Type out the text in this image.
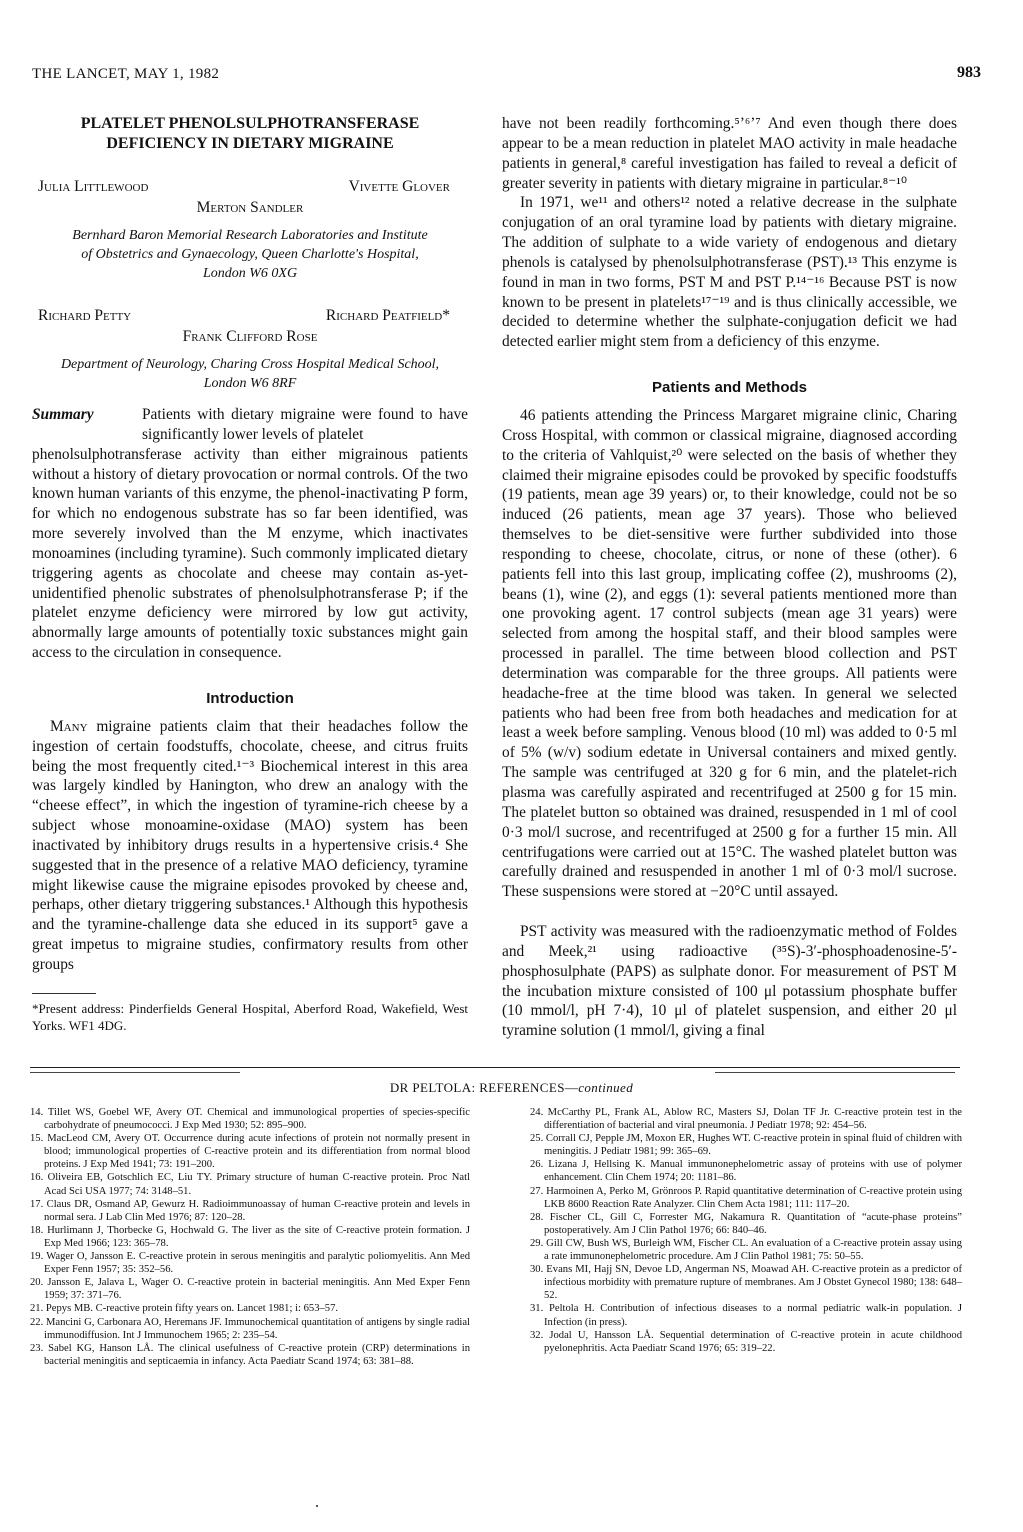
THE LANCET, MAY 1, 1982	983
PLATELET PHENOLSULPHOTRANSFERASE
DEFICIENCY IN DIETARY MIGRAINE
Julia Littlewood	Vivette Glover
Merton Sandler
Bernhard Baron Memorial Research Laboratories and Institute
of Obstetrics and Gynaecology, Queen Charlotte's Hospital,
London W6 0XG
Richard Petty	Richard Peatfield*
Frank Clifford Rose
Department of Neurology, Charing Cross Hospital Medical School,
London W6 8RF
Summary	Patients with dietary migraine were found to have significantly lower levels of platelet
phenolsulphotransferase activity than either migrainous patients without a history of dietary provocation or normal controls. Of the two known human variants of this enzyme, the phenol-inactivating P form, for which no endogenous substrate has so far been identified, was more severely involved than the M enzyme, which inactivates monoamines (including tyramine). Such commonly implicated dietary triggering agents as chocolate and cheese may contain as-yet-unidentified phenolic substrates of phenolsulphotransferase P; if the platelet enzyme deficiency were mirrored by low gut activity, abnormally large amounts of potentially toxic substances might gain access to the circulation in consequence.
Introduction
Many migraine patients claim that their headaches follow the ingestion of certain foodstuffs, chocolate, cheese, and citrus fruits being the most frequently cited.¹⁻³ Biochemical interest in this area was largely kindled by Hanington, who drew an analogy with the “cheese effect”, in which the ingestion of tyramine-rich cheese by a subject whose monoamine-oxidase (MAO) system has been inactivated by inhibitory drugs results in a hypertensive crisis.⁴ She suggested that in the presence of a relative MAO deficiency, tyramine might likewise cause the migraine episodes provoked by cheese and, perhaps, other dietary triggering substances.¹ Although this hypothesis and the tyramine-challenge data she educed in its support⁵ gave a great impetus to migraine studies, confirmatory results from other groups
*Present address: Pinderfields General Hospital, Aberford Road, Wakefield, West Yorks. WF1 4DG.
have not been readily forthcoming.⁵ʼ⁶ʼ⁷ And even though there does appear to be a mean reduction in platelet MAO activity in male headache patients in general,⁸ careful investigation has failed to reveal a deficit of greater severity in patients with dietary migraine in particular.⁸⁻¹⁰
In 1971, we¹¹ and others¹² noted a relative decrease in the sulphate conjugation of an oral tyramine load by patients with dietary migraine. The addition of sulphate to a wide variety of endogenous and dietary phenols is catalysed by phenolsulphotransferase (PST).¹³ This enzyme is found in man in two forms, PST M and PST P.¹⁴⁻¹⁶ Because PST is now known to be present in platelets¹⁷⁻¹⁹ and is thus clinically accessible, we decided to determine whether the sulphate-conjugation deficit we had detected earlier might stem from a deficiency of this enzyme.
Patients and Methods
46 patients attending the Princess Margaret migraine clinic, Charing Cross Hospital, with common or classical migraine, diagnosed according to the criteria of Vahlquist,²⁰ were selected on the basis of whether they claimed their migraine episodes could be provoked by specific foodstuffs (19 patients, mean age 39 years) or, to their knowledge, could not be so induced (26 patients, mean age 37 years). Those who believed themselves to be diet-sensitive were further subdivided into those responding to cheese, chocolate, citrus, or none of these (other). 6 patients fell into this last group, implicating coffee (2), mushrooms (2), beans (1), wine (2), and eggs (1): several patients mentioned more than one provoking agent. 17 control subjects (mean age 31 years) were selected from among the hospital staff, and their blood samples were processed in parallel. The time between blood collection and PST determination was comparable for the three groups. All patients were headache-free at the time blood was taken. In general we selected patients who had been free from both headaches and medication for at least a week before sampling. Venous blood (10 ml) was added to 0·5 ml of 5% (w/v) sodium edetate in Universal containers and mixed gently. The sample was centrifuged at 320 g for 6 min, and the platelet-rich plasma was carefully aspirated and recentrifuged at 2500 g for 15 min. The platelet button so obtained was drained, resuspended in 1 ml of cool 0·3 mol/l sucrose, and recentrifuged at 2500 g for a further 15 min. All centrifugations were carried out at 15°C. The washed platelet button was carefully drained and resuspended in another 1 ml of 0·3 mol/l sucrose. These suspensions were stored at −20°C until assayed.
PST activity was measured with the radioenzymatic method of Foldes and Meek,²¹ using radioactive (³⁵S)-3′-phosphoadenosine-5′-phosphosulphate (PAPS) as sulphate donor. For measurement of PST M the incubation mixture consisted of 100 μl potassium phosphate buffer (10 mmol/l, pH 7·4), 10 μl of platelet suspension, and either 20 μl tyramine solution (1 mmol/l, giving a final
DR PELTOLA: REFERENCES—continued
14. Tillet WS, Goebel WF, Avery OT. Chemical and immunological properties of species-specific carbohydrate of pneumococci. J Exp Med 1930; 52: 895–900.
15. MacLeod CM, Avery OT. Occurrence during acute infections of protein not normally present in blood; immunological properties of C-reactive protein and its differentiation from normal blood proteins. J Exp Med 1941; 73: 191–200.
16. Oliveira EB, Gotschlich EC, Liu TY. Primary structure of human C-reactive protein. Proc Natl Acad Sci USA 1977; 74: 3148–51.
17. Claus DR, Osmand AP, Gewurz H. Radioimmunoassay of human C-reactive protein and levels in normal sera. J Lab Clin Med 1976; 87: 120–28.
18. Hurlimann J, Thorbecke G, Hochwald G. The liver as the site of C-reactive protein formation. J Exp Med 1966; 123: 365–78.
19. Wager O, Jansson E. C-reactive protein in serous meningitis and paralytic poliomyelitis. Ann Med Exper Fenn 1957; 35: 352–56.
20. Jansson E, Jalava L, Wager O. C-reactive protein in bacterial meningitis. Ann Med Exper Fenn 1959; 37: 371–76.
21. Pepys MB. C-reactive protein fifty years on. Lancet 1981; i: 653–57.
22. Mancini G, Carbonara AO, Heremans JF. Immunochemical quantitation of antigens by single radial immunodiffusion. Int J Immunochem 1965; 2: 235–54.
23. Sabel KG, Hanson LÅ. The clinical usefulness of C-reactive protein (CRP) determinations in bacterial meningitis and septicaemia in infancy. Acta Paediatr Scand 1974; 63: 381–88.
24. McCarthy PL, Frank AL, Ablow RC, Masters SJ, Dolan TF Jr. C-reactive protein test in the differentiation of bacterial and viral pneumonia. J Pediatr 1978; 92: 454–56.
25. Corrall CJ, Pepple JM, Moxon ER, Hughes WT. C-reactive protein in spinal fluid of children with meningitis. J Pediatr 1981; 99: 365–69.
26. Lizana J, Hellsing K. Manual immunonephelometric assay of proteins with use of polymer enhancement. Clin Chem 1974; 20: 1181–86.
27. Harmoinen A, Perko M, Grönroos P. Rapid quantitative determination of C-reactive protein using LKB 8600 Reaction Rate Analyzer. Clin Chem Acta 1981; 111: 117–20.
28. Fischer CL, Gill C, Forrester MG, Nakamura R. Quantitation of “acute-phase proteins” postoperatively. Am J Clin Pathol 1976; 66: 840–46.
29. Gill CW, Bush WS, Burleigh WM, Fischer CL. An evaluation of a C-reactive protein assay using a rate immunonephelometric procedure. Am J Clin Pathol 1981; 75: 50–55.
30. Evans MI, Hajj SN, Devoe LD, Angerman NS, Moawad AH. C-reactive protein as a predictor of infectious morbidity with premature rupture of membranes. Am J Obstet Gynecol 1980; 138: 648–52.
31. Peltola H. Contribution of infectious diseases to a normal pediatric walk-in population. J Infection (in press).
32. Jodal U, Hansson LÅ. Sequential determination of C-reactive protein in acute childhood pyelonephritis. Acta Paediatr Scand 1976; 65: 319–22.
